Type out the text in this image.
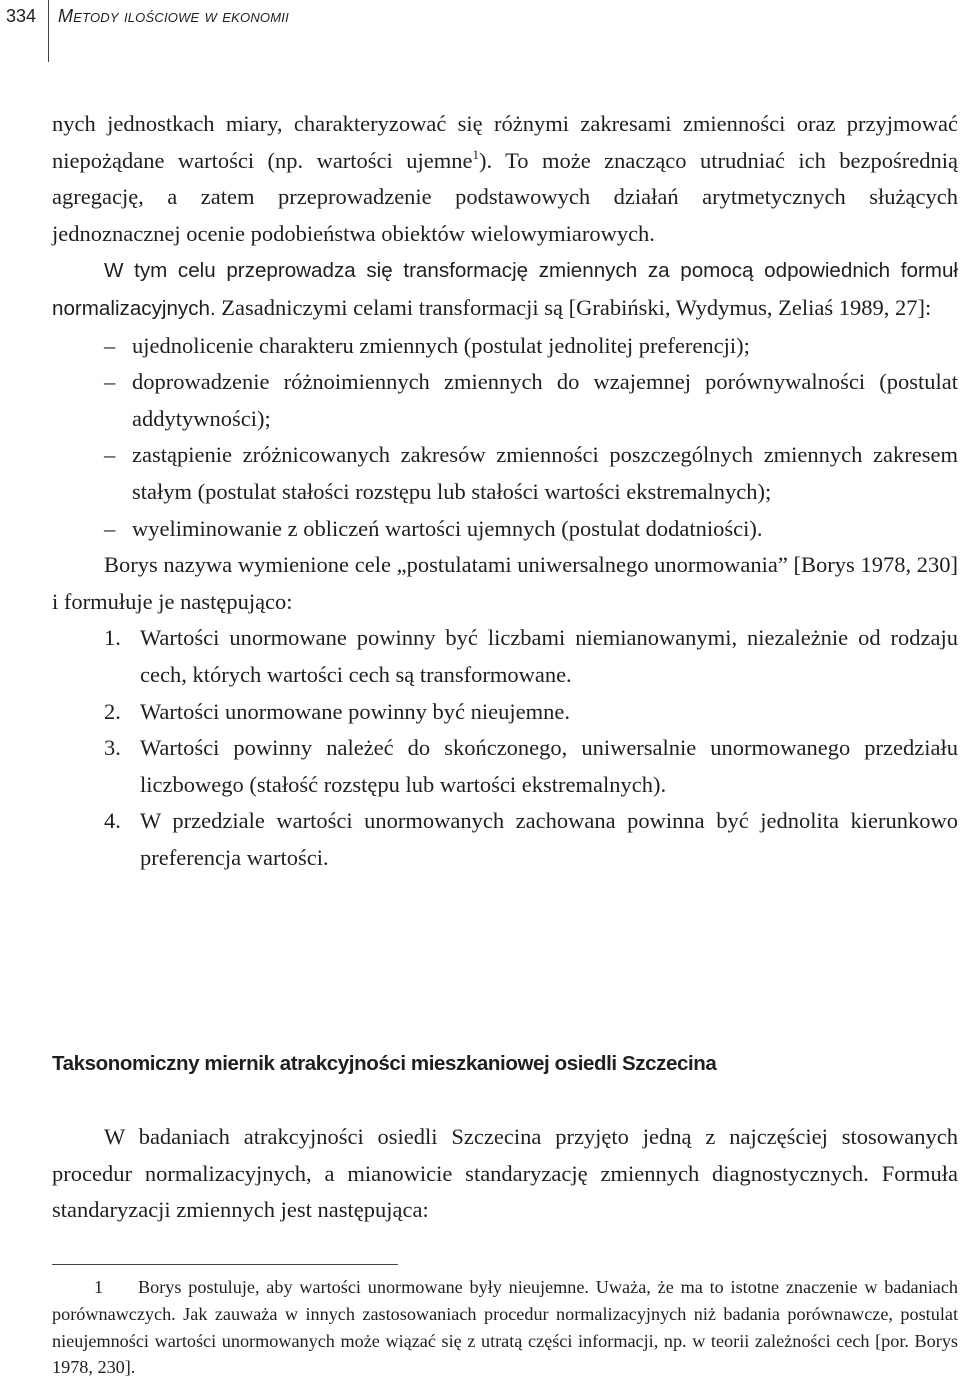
334 Metody ilościowe w ekonomii

nych jednostkach miary, charakteryzować się różnymi zakresami zmienności oraz przyjmować niepożądane wartości (np. wartości ujemne$^1$). To może znacząco utrudniać ich bezpośrednią agregację, a zatem przeprowadzenie podstawowych działań arytmetycznych służących jednoznacznej ocenie podobieństwa obiektów wielowymiarowych.

W tym celu przeprowadza się transformację zmiennych za pomocą odpowiednich formuł normalizacyjnych. Zasadniczymi celami transformacji są [Grabiński, Wydymus, Zeliaś 1989, 27]:

– ujednolicenie charakteru zmiennych (postulat jednolitej preferencji);
– doprowadzenie różnoimiennych zmiennych do wzajemnej porównywalności (postulat addytywności);
– zastąpienie zróżnicowanych zakresów zmienności poszczególnych zmiennych zakresem stałym (postulat stałości rozstępu lub stałości wartości ekstremalnych);
– wyeliminowanie z obliczeń wartości ujemnych (postulat dodatniości).

Borys nazywa wymienione cele „postulatami uniwersalnego unormowania” [Borys 1978, 230] i formułuje je następująco:

1. Wartości unormowane powinny być liczbami niemianowanymi, niezależnie od rodzaju cech, których wartości cech są transformowane.
2. Wartości unormowane powinny być nieujemne.
3. Wartości powinny należeć do skończonego, uniwersalnie unormowanego przedziału liczbowego (stałość rozstępu lub wartości ekstremalnych).
4. W przedziale wartości unormowanych zachowana powinna być jednolita kierunkowo preferencja wartości.
Taksonomiczny miernik atrakcyjności mieszkaniowej osiedli Szczecina

W badaniach atrakcyjności osiedli Szczecina przyjęto jedną z najczęściej stosowanych procedur normalizacyjnych, a mianowicie standaryzację zmiennych diagnostycznych. Formuła standaryzacji zmiennych jest następująca:

1 Borys postuluje, aby wartości unormowane były nieujemne. Uważa, że ma to istotne znaczenie w badaniach porównawczych. Jak zauważa w innych zastosowaniach procedur normalizacyjnych niż badania porównawcze, postulat nieujemności wartości unormowanych może wiązać się z utratą części informacji, np. w teorii zależności cech [por. Borys 1978, 230].
